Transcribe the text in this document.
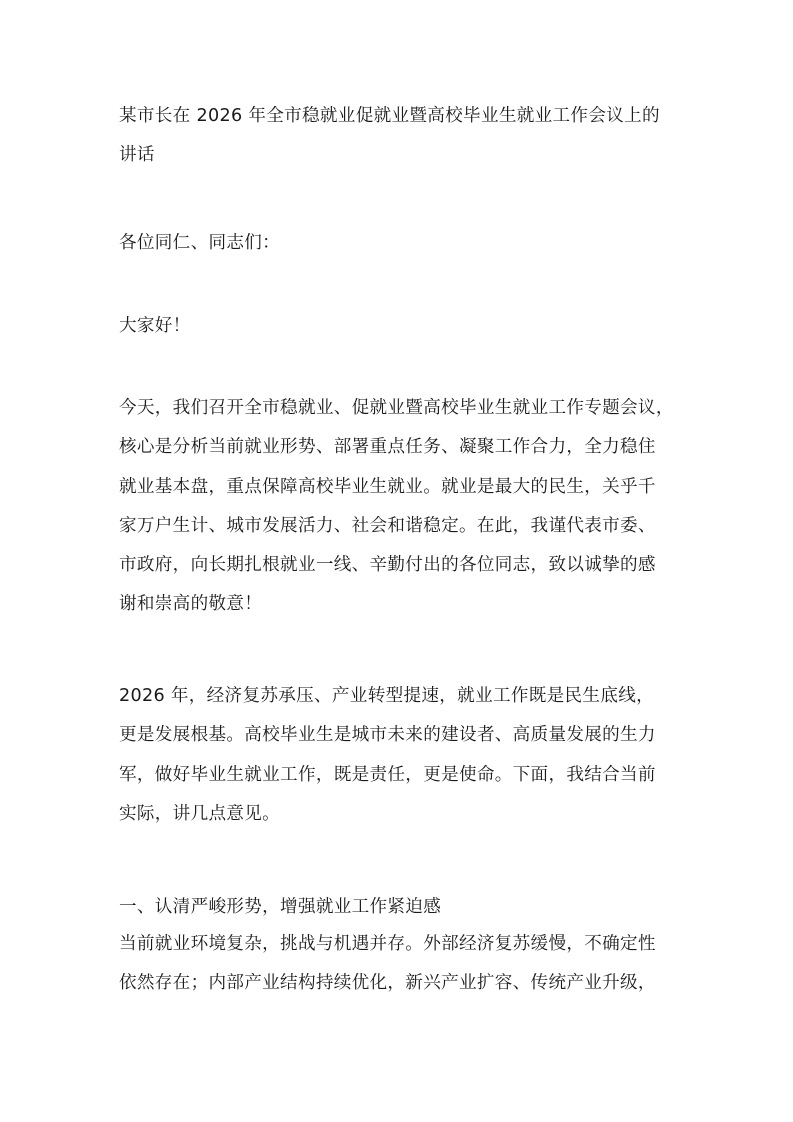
某市长在 2026 年全市稳就业促就业暨高校毕业生就业工作会议上的
讲话
各位同仁、同志们：
大家好！
今天，我们召开全市稳就业、促就业暨高校毕业生就业工作专题会议，
核心是分析当前就业形势、部署重点任务、凝聚工作合力，全力稳住
就业基本盘，重点保障高校毕业生就业。就业是最大的民生，关乎千
家万户生计、城市发展活力、社会和谐稳定。在此，我谨代表市委、
市政府，向长期扎根就业一线、辛勤付出的各位同志，致以诚挚的感
谢和崇高的敬意！
2026 年，经济复苏承压、产业转型提速，就业工作既是民生底线，
更是发展根基。高校毕业生是城市未来的建设者、高质量发展的生力
军，做好毕业生就业工作，既是责任，更是使命。下面，我结合当前
实际，讲几点意见。
一、认清严峻形势，增强就业工作紧迫感
当前就业环境复杂，挑战与机遇并存。外部经济复苏缓慢，不确定性
依然存在；内部产业结构持续优化，新兴产业扩容、传统产业升级，
